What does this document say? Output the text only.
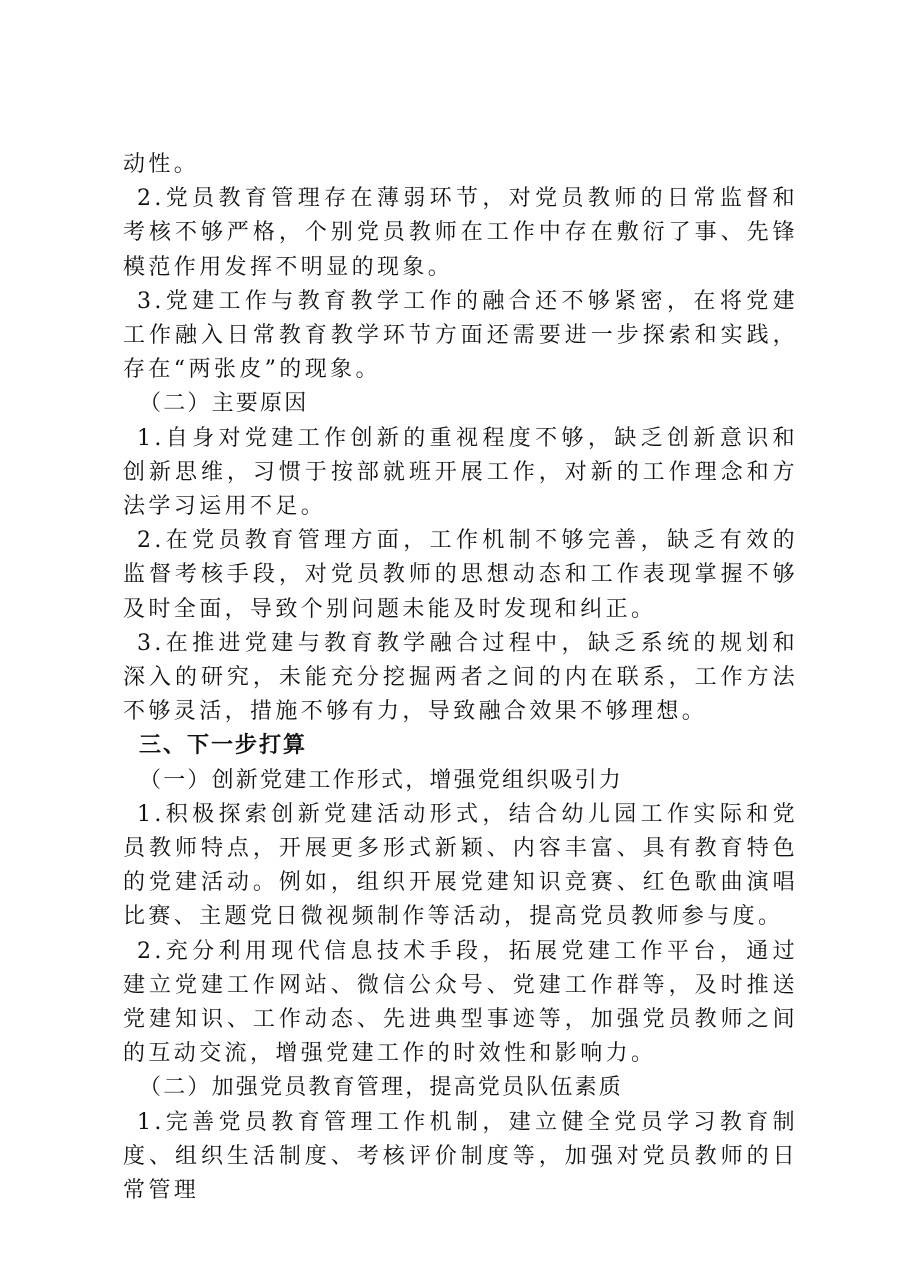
动性。

2.党员教育管理存在薄弱环节，对党员教师的日常监督和考核不够严格，个别党员教师在工作中存在敷衍了事、先锋模范作用发挥不明显的现象。

3.党建工作与教育教学工作的融合还不够紧密，在将党建工作融入日常教育教学环节方面还需要进一步探索和实践，存在“两张皮”的现象。

（二）主要原因

1.自身对党建工作创新的重视程度不够，缺乏创新意识和创新思维，习惯于按部就班开展工作，对新的工作理念和方法学习运用不足。

2.在党员教育管理方面，工作机制不够完善，缺乏有效的监督考核手段，对党员教师的思想动态和工作表现掌握不够及时全面，导致个别问题未能及时发现和纠正。

3.在推进党建与教育教学融合过程中，缺乏系统的规划和深入的研究，未能充分挖掘两者之间的内在联系，工作方法不够灵活，措施不够有力，导致融合效果不够理想。

三、下一步打算

（一）创新党建工作形式，增强党组织吸引力

1.积极探索创新党建活动形式，结合幼儿园工作实际和党员教师特点，开展更多形式新颖、内容丰富、具有教育特色的党建活动。例如，组织开展党建知识竞赛、红色歌曲演唱比赛、主题党日微视频制作等活动，提高党员教师参与度。

2.充分利用现代信息技术手段，拓展党建工作平台，通过建立党建工作网站、微信公众号、党建工作群等，及时推送党建知识、工作动态、先进典型事迹等，加强党员教师之间的互动交流，增强党建工作的时效性和影响力。

（二）加强党员教育管理，提高党员队伍素质

1.完善党员教育管理工作机制，建立健全党员学习教育制度、组织生活制度、考核评价制度等，加强对党员教师的日常管理
